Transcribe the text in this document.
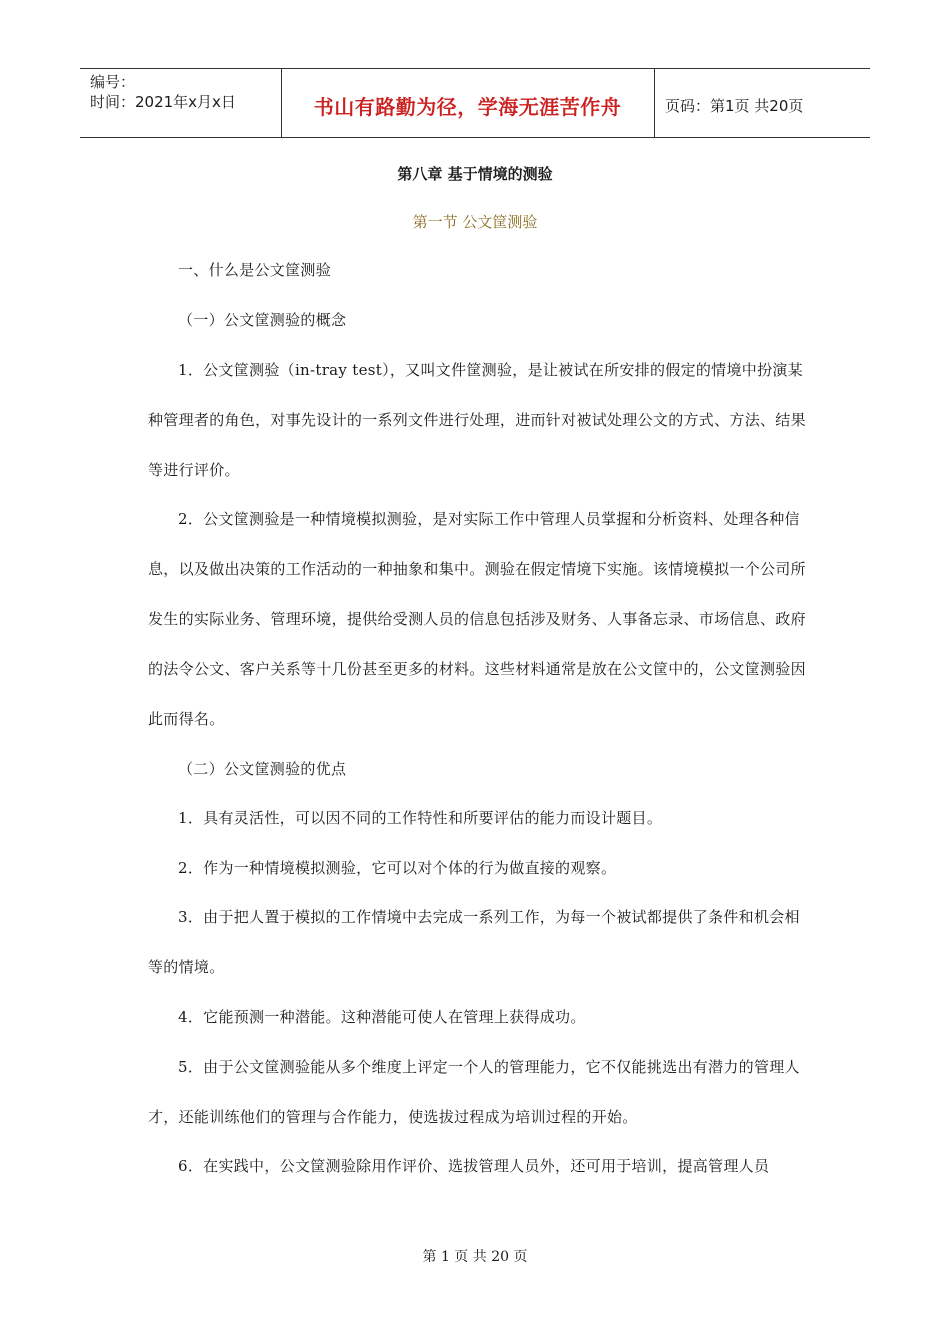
编号：
时间：2021年x月x日	书山有路勤为径，学海无涯苦作舟	页码：第1页 共20页
第八章 基于情境的测验
第一节 公文筐测验

一、什么是公文筐测验

（一）公文筐测验的概念

1．公文筐测验（in-tray test），又叫文件筐测验，是让被试在所安排的假定的情境中扮演某种管理者的角色，对事先设计的一系列文件进行处理，进而针对被试处理公文的方式、方法、结果等进行评价。

2．公文筐测验是一种情境模拟测验，是对实际工作中管理人员掌握和分析资料、处理各种信息，以及做出决策的工作活动的一种抽象和集中。测验在假定情境下实施。该情境模拟一个公司所发生的实际业务、管理环境，提供给受测人员的信息包括涉及财务、人事备忘录、市场信息、政府的法令公文、客户关系等十几份甚至更多的材料。这些材料通常是放在公文筐中的，公文筐测验因此而得名。

（二）公文筐测验的优点

1．具有灵活性，可以因不同的工作特性和所要评估的能力而设计题目。

2．作为一种情境模拟测验，它可以对个体的行为做直接的观察。

3．由于把人置于模拟的工作情境中去完成一系列工作，为每一个被试都提供了条件和机会相等的情境。

4．它能预测一种潜能。这种潜能可使人在管理上获得成功。

5．由于公文筐测验能从多个维度上评定一个人的管理能力，它不仅能挑选出有潜力的管理人才，还能训练他们的管理与合作能力，使选拔过程成为培训过程的开始。

6．在实践中，公文筐测验除用作评价、选拔管理人员外，还可用于培训，提高管理人员

第 1 页 共 20 页
